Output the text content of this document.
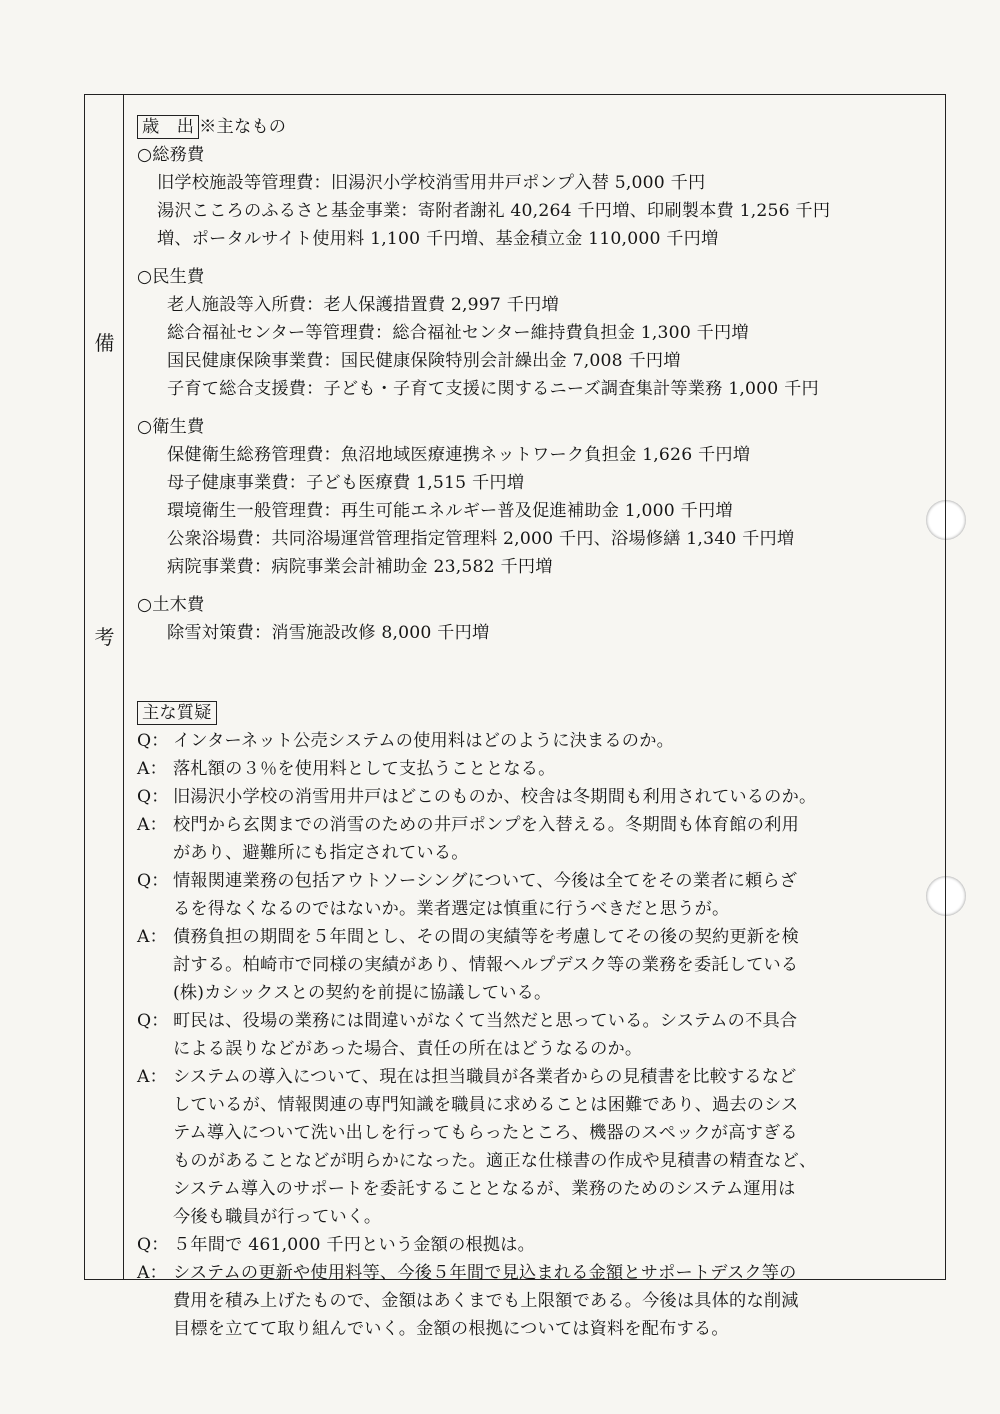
備
考
歳　出 ※主なもの
○総務費
旧学校施設等管理費：旧湯沢小学校消雪用井戸ポンプ入替 5,000 千円
湯沢こころのふるさと基金事業：寄附者謝礼 40,264 千円増、印刷製本費 1,256 千円
増、ポータルサイト使用料 1,100 千円増、基金積立金 110,000 千円増
○民生費
老人施設等入所費：老人保護措置費 2,997 千円増
総合福祉センター等管理費：総合福祉センター維持費負担金 1,300 千円増
国民健康保険事業費：国民健康保険特別会計繰出金 7,008 千円増
子育て総合支援費：子ども・子育て支援に関するニーズ調査集計等業務 1,000 千円
○衛生費
保健衛生総務管理費：魚沼地域医療連携ネットワーク負担金 1,626 千円増
母子健康事業費：子ども医療費 1,515 千円増
環境衛生一般管理費：再生可能エネルギー普及促進補助金 1,000 千円増
公衆浴場費：共同浴場運営管理指定管理料 2,000 千円、浴場修繕 1,340 千円増
病院事業費：病院事業会計補助金 23,582 千円増
○土木費
除雪対策費：消雪施設改修 8,000 千円増
主な質疑
Q： インターネット公売システムの使用料はどのように決まるのか。
A： 落札額の３％を使用料として支払うこととなる。
Q： 旧湯沢小学校の消雪用井戸はどこのものか、校舎は冬期間も利用されているのか。
A： 校門から玄関までの消雪のための井戸ポンプを入替える。冬期間も体育館の利用
があり、避難所にも指定されている。
Q： 情報関連業務の包括アウトソーシングについて、今後は全てをその業者に頼らざ
るを得なくなるのではないか。業者選定は慎重に行うべきだと思うが。
A： 債務負担の期間を５年間とし、その間の実績等を考慮してその後の契約更新を検
討する。柏崎市で同様の実績があり、情報ヘルプデスク等の業務を委託している
(株)カシックスとの契約を前提に協議している。
Q： 町民は、役場の業務には間違いがなくて当然だと思っている。システムの不具合
による誤りなどがあった場合、責任の所在はどうなるのか。
A： システムの導入について、現在は担当職員が各業者からの見積書を比較するなど
しているが、情報関連の専門知識を職員に求めることは困難であり、過去のシス
テム導入について洗い出しを行ってもらったところ、機器のスペックが高すぎる
ものがあることなどが明らかになった。適正な仕様書の作成や見積書の精査など、
システム導入のサポートを委託することとなるが、業務のためのシステム運用は
今後も職員が行っていく。
Q： ５年間で 461,000 千円という金額の根拠は。
A： システムの更新や使用料等、今後５年間で見込まれる金額とサポートデスク等の
費用を積み上げたもので、金額はあくまでも上限額である。今後は具体的な削減
目標を立てて取り組んでいく。金額の根拠については資料を配布する。
